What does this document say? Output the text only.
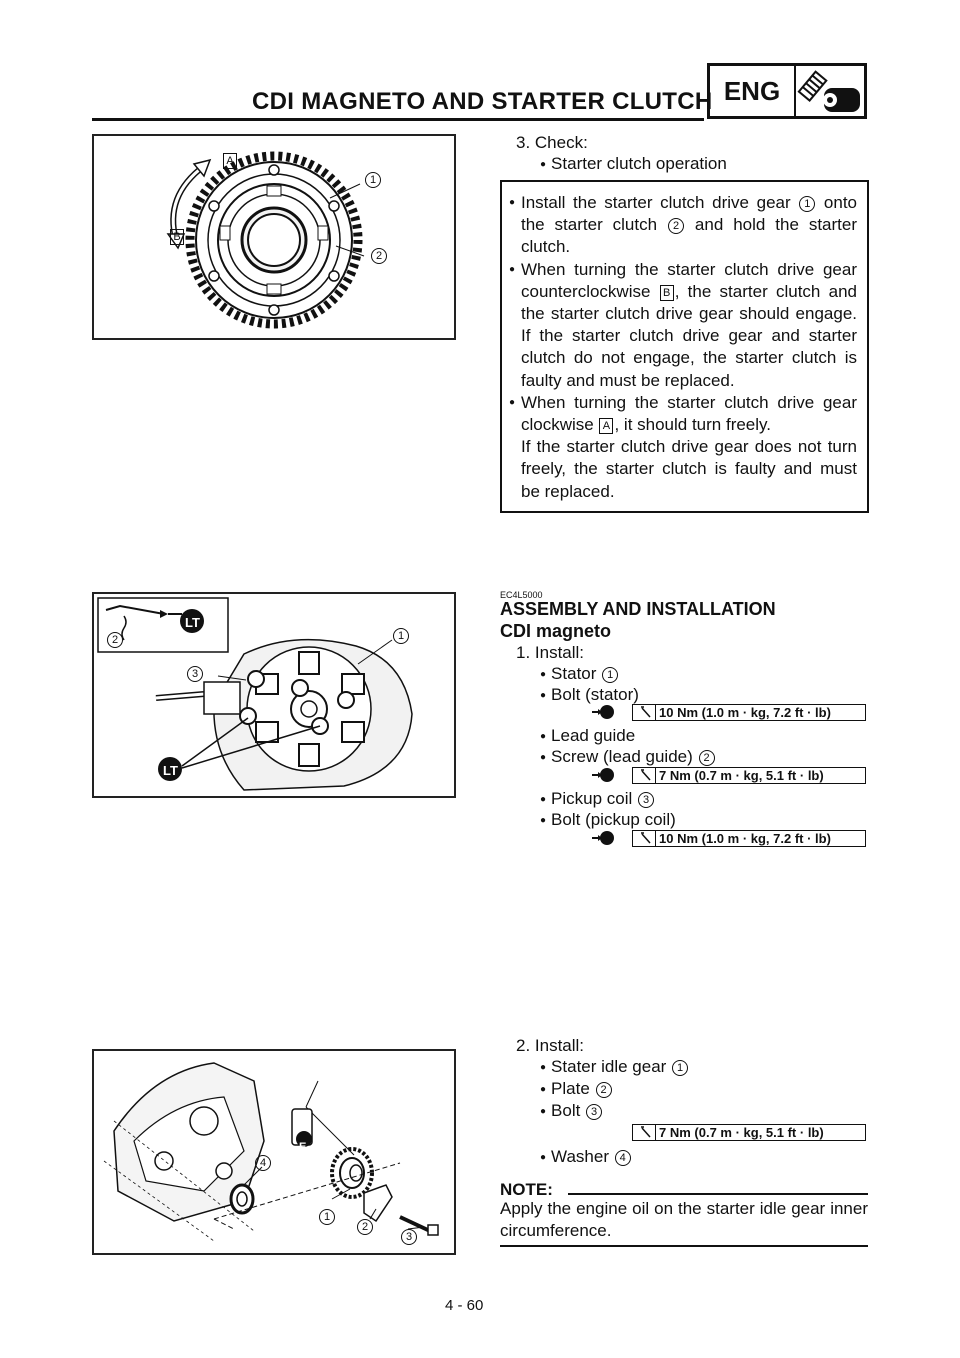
CDI MAGNETO AND STARTER CLUTCH ENG
A
B
1
2
3. Check:
● Starter clutch operation

● Install the starter clutch drive gear 1 onto the starter clutch 2 and hold the starter clutch.

● When turning the starter clutch drive gear counterclockwise B , the starter clutch and the starter clutch drive gear should engage. If the starter clutch drive gear and starter clutch do not engage, the starter clutch is faulty and must be replaced.

● When turning the starter clutch drive gear clockwise A , it should turn freely.

If the starter clutch drive gear does not turn freely, the starter clutch is faulty and must be replaced.

LT
LT
2	1
3
EC4L5000
ASSEMBLY AND INSTALLATION
CDI magneto
1. Install:
● Stator 1
● Bolt (stator)
10 Nm (1.0 m · kg, 7.2 ft · lb)
● Lead guide
● Screw (lead guide) 2
7 Nm (0.7 m · kg, 5.1 ft · lb)
● Pickup coil 3
● Bolt (pickup coil)
10 Nm (1.0 m · kg, 7.2 ft · lb)
E
4
1
2
3
2. Install:
● Stater idle gear 1
● Plate 2
● Bolt 3
7 Nm (0.7 m · kg, 5.1 ft · lb)
● Washer 4
NOTE:
Apply the engine oil on the starter idle gear inner circumference.
4 - 60
